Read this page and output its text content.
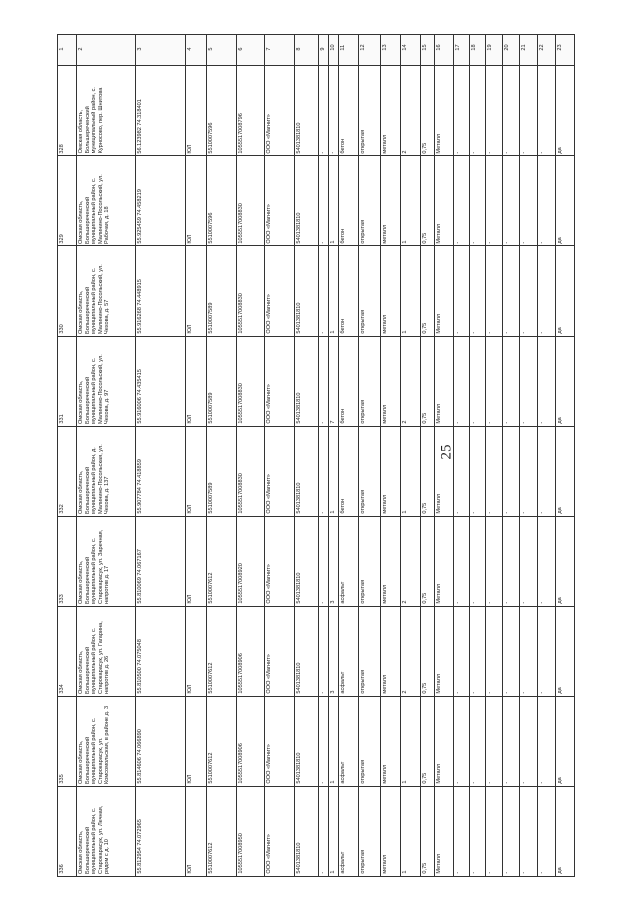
25
1	2	3	4	5	6	7	8	9	10	11	12	13	14	15	16	17	18	19	20	21	22	23

328	Омская область, Большереченский муниципальный район, с. Курносово, пер. Шнитова	56.123982 74.318401	ЮЛ	5510007596	1055517008796	ООО «Магнит»	5401381810	-	-	бетон	открытая	металл	2	0,75	Металл	-	-	-	-	-	-	да

329	Омская область, Большереченский муниципальный район, с. Малинино-Посольский, ул. Рабочая, д. 18	55.925459 74.458219	ЮЛ	5510007596	1055517008830	ООО «Магнит»	5401381810	-	1	бетон	открытая	металл	1	0,75	Металл	-	-	-	-	-	-	да

330	Омская область, Большереченский муниципальный район, с. Малинино-Посольский, ул. Чехова, д. 57	55.916268 74.448915	ЮЛ	5510007589	1055517008830	ООО «Магнит»	5401381810	-	1	бетон	открытая	металл	1	0,75	Металл	-	-	-	-	-	-	да

331	Омская область, Большереченский муниципальный район, с. Малинино-Посольский, ул. Чехова, д. 97	55.916006 74.435415	ЮЛ	5510007589	1055517008830	ООО «Магнит»	5401381810	-	7	бетон	открытая	металл	2	0,75	Металл	-	-	-	-	-	-	да

332	Омская область, Большереченский муниципальный район, д. Малинино-Посольская, ул. Чехова, д. 137	55.907784 74.418859	ЮЛ	5510007589	1055517008830	ООО «Магнит»	5401381810	-	1	бетон	открытая	металл	1	0,75	Металл	-	-	-	-	-	-	да

333	Омская область, Большереченский муниципальный район, с. Старокарасук, ул. Заречная, напротив д. 17	55.810069 74.067167	ЮЛ	5510007612	1055517008920	ООО «Магнит»	5401381810	-	3	асфальт	открытая	металл	2	0,75	Металл	-	-	-	-	-	-	да

334	Омская область, Большереченский муниципальный район, с. Старокарасук, ул. Гагарина, напротив д. 26	55.810500 74.075048	ЮЛ	5510007612	1055517008906	ООО «Магнит»	5401381810	-	3	асфальт	открытая	металл	2	0,75	Металл	-	-	-	-	-	-	да

335	Омская область, Большереченский муниципальный район, с. Старокарасук, ул. Комсомольская, в районе д. 3	55.814606 74.066890	ЮЛ	5510007612	1055517008906	ООО «Магнит»	5401381810	-	1	асфальт	открытая	металл	1	0,75	Металл	-	-	-	-	-	-	да

336	Омская область, Большереченский муниципальный район, с. Старокарасук, ул. Лечная, рядом с д. 10	55.812954 74.072965	ЮЛ	5510007612	1055517008950	ООО «Магнит»	5401381810	-	1	асфальт	открытая	металл	1	0,75	Металл	-	-	-	-	-	-	да
